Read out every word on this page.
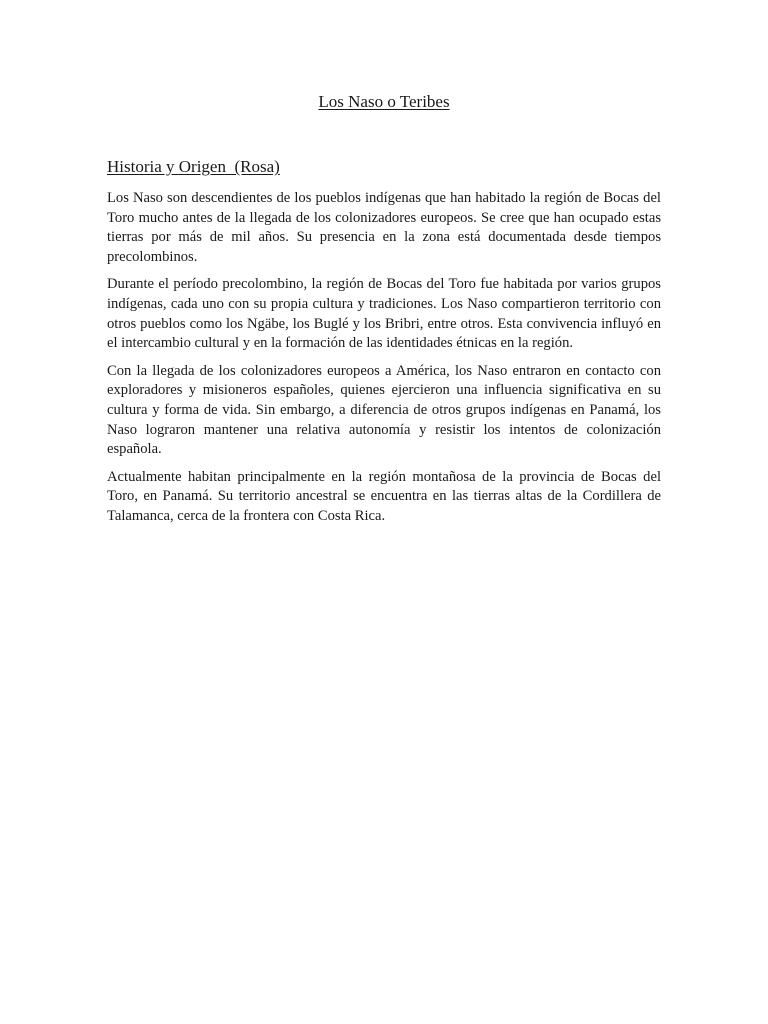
Los Naso o Teribes
Historia y Origen  (Rosa)

Los Naso son descendientes de los pueblos indígenas que han habitado la región de Bocas del Toro mucho antes de la llegada de los colonizadores europeos. Se cree que han ocupado estas tierras por más de mil años. Su presencia en la zona está documentada desde tiempos precolombinos.

Durante el período precolombino, la región de Bocas del Toro fue habitada por varios grupos indígenas, cada uno con su propia cultura y tradiciones. Los Naso compartieron territorio con otros pueblos como los Ngäbe, los Buglé y los Bribri, entre otros. Esta convivencia influyó en el intercambio cultural y en la formación de las identidades étnicas en la región.

Con la llegada de los colonizadores europeos a América, los Naso entraron en contacto con exploradores y misioneros españoles, quienes ejercieron una influencia significativa en su cultura y forma de vida. Sin embargo, a diferencia de otros grupos indígenas en Panamá, los Naso lograron mantener una relativa autonomía y resistir los intentos de colonización española.

Actualmente habitan principalmente en la región montañosa de la provincia de Bocas del Toro, en Panamá. Su territorio ancestral se encuentra en las tierras altas de la Cordillera de Talamanca, cerca de la frontera con Costa Rica.
